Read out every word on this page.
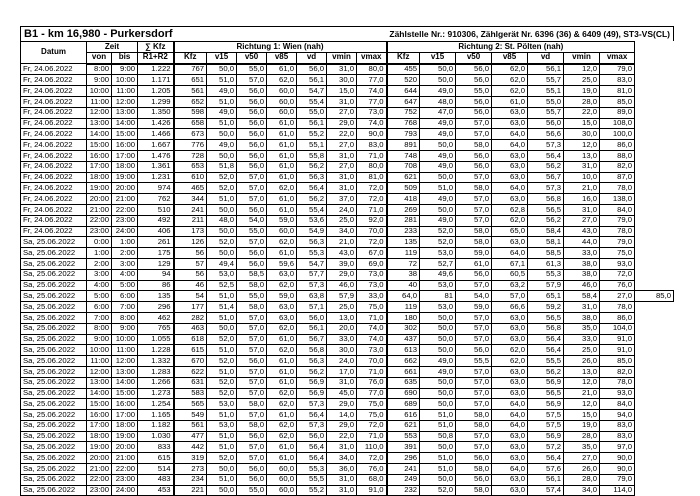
B1 - km 16,980 - Purkersdorf	Zählstelle Nr.: 910306, Zählgerät Nr. 6396 (36) & 6409 (49), ST3-VS(CL)
Datum	Zeit		∑ Kfz	Richtung 1: Wien (nah)							Richtung 2: St. Pölten (nah)							
	von	bis	R1+R2	Kfz	v15	v50	v85	vd	vmin	vmax	Kfz	v15	v50	v85	vd	vmin	vmax	
Fr, 24.06.2022	8:00	9:00	1.222	767	50,0	55,0	61,0	56,0	31,0	80,0	455	50,0	56,0	62,0	56,1	12,0	79,0	
Fr, 24.06.2022	9:00	10:00	1.171	651	51,0	57,0	62,0	56,1	30,0	77,0	520	50,0	56,0	62,0	55,7	25,0	83,0	
Fr, 24.06.2022	10:00	11:00	1.205	561	49,0	56,0	60,0	54,7	15,0	74,0	644	49,0	55,0	62,0	55,1	19,0	81,0	
Fr, 24.06.2022	11:00	12:00	1.299	652	51,0	56,0	60,0	55,4	31,0	77,0	647	48,0	56,0	61,0	55,0	28,0	85,0	
Fr, 24.06.2022	12:00	13:00	1.350	598	49,0	56,0	60,0	55,0	27,0	73,0	752	47,0	56,0	63,0	55,7	22,0	89,0	
Fr, 24.06.2022	13:00	14:00	1.426	658	51,0	56,0	61,0	56,1	29,0	74,0	768	49,0	57,0	63,0	56,0	15,0	108,0	
Fr, 24.06.2022	14:00	15:00	1.466	673	50,0	56,0	61,0	55,2	22,0	90,0	793	49,0	57,0	64,0	56,6	30,0	100,0	
Fr, 24.06.2022	15:00	16:00	1.667	776	49,0	56,0	61,0	55,1	27,0	83,0	891	50,0	58,0	64,0	57,3	12,0	86,0	
Fr, 24.06.2022	16:00	17:00	1.476	728	50,0	56,0	61,0	55,8	31,0	71,0	748	49,0	56,0	63,0	56,4	13,0	88,0	
Fr, 24.06.2022	17:00	18:00	1.361	653	51,8	56,0	61,0	56,2	27,0	80,0	708	49,0	56,0	63,0	56,2	31,0	82,0	
Fr, 24.06.2022	18:00	19:00	1.231	610	52,0	57,0	61,0	56,3	31,0	81,0	621	50,0	57,0	63,0	56,7	10,0	87,0	
Fr, 24.06.2022	19:00	20:00	974	465	52,0	57,0	62,0	56,4	31,0	72,0	509	51,0	58,0	64,0	57,3	21,0	78,0	
Fr, 24.06.2022	20:00	21:00	762	344	51,0	57,0	61,0	56,2	37,0	72,0	418	49,0	57,0	63,0	56,8	16,0	138,0	
Fr, 24.06.2022	21:00	22:00	510	241	50,0	56,0	61,0	55,4	24,0	71,0	269	50,0	57,0	62,8	56,5	31,0	84,0	
Fr, 24.06.2022	22:00	23:00	492	211	48,0	54,0	59,0	53,6	25,0	92,0	281	49,0	57,0	62,0	56,2	27,0	79,0	
Fr, 24.06.2022	23:00	24:00	406	173	50,0	55,0	60,0	54,9	34,0	70,0	233	52,0	58,0	65,0	58,4	43,0	78,0	
Sa, 25.06.2022	0:00	1:00	261	126	52,0	57,0	62,0	56,3	21,0	72,0	135	52,0	58,0	63,0	58,1	44,0	79,0	
Sa, 25.06.2022	1:00	2:00	175	56	50,0	56,0	61,0	55,3	43,0	67,0	119	53,0	59,0	64,0	58,5	33,0	75,0	
Sa, 25.06.2022	2:00	3:00	129	57	49,4	56,0	59,6	54,7	39,0	69,0	72	52,7	61,0	67,1	61,3	38,0	93,0	
Sa, 25.06.2022	3:00	4:00	94	56	53,0	58,5	63,0	57,7	29,0	73,0	38	49,6	56,0	60,5	55,3	38,0	72,0	
Sa, 25.06.2022	4:00	5:00	86	46	52,5	58,0	62,0	57,3	46,0	73,0	40	53,0	57,0	63,2	57,9	46,0	76,0	
Sa, 25.06.2022	5:00	6:00	135	54	51,0	55,0	59,0	63,8	57,9	33,0	64,0	81	54,0	57,0	65,1	58,4	27,0	85,0
Sa, 25.06.2022	6:00	7:00	296	177	51,4	58,0	63,0	57,1	25,0	75,0	119	53,0	59,0	66,6	59,2	31,0	78,0	
Sa, 25.06.2022	7:00	8:00	462	282	51,0	57,0	63,0	56,0	13,0	71,0	180	50,0	57,0	63,0	56,5	38,0	86,0	
Sa, 25.06.2022	8:00	9:00	765	463	50,0	57,0	62,0	56,1	20,0	74,0	302	50,0	57,0	63,0	56,8	35,0	104,0	
Sa, 25.06.2022	9:00	10:00	1.055	618	52,0	57,0	61,0	56,7	33,0	74,0	437	50,0	57,0	63,0	56,4	33,0	91,0	
Sa, 25.06.2022	10:00	11:00	1.228	615	51,0	57,0	62,0	56,8	30,0	73,0	613	50,0	56,0	62,0	56,4	25,0	91,0	
Sa, 25.06.2022	11:00	12:00	1.332	670	52,0	56,0	61,0	56,3	24,0	70,0	662	49,0	55,5	62,0	55,5	26,0	85,0	
Sa, 25.06.2022	12:00	13:00	1.283	622	51,0	57,0	61,0	56,2	17,0	71,0	661	49,0	57,0	63,0	56,2	13,0	82,0	
Sa, 25.06.2022	13:00	14:00	1.266	631	52,0	57,0	61,0	56,9	31,0	76,0	635	50,0	57,0	63,0	56,9	12,0	78,0	
Sa, 25.06.2022	14:00	15:00	1.273	583	52,0	57,0	62,0	56,9	45,0	77,0	690	50,0	57,0	63,0	56,5	21,0	93,0	
Sa, 25.06.2022	15:00	16:00	1.254	565	53,0	58,0	62,0	57,3	29,0	75,0	689	50,0	57,0	64,0	56,9	12,0	84,0	
Sa, 25.06.2022	16:00	17:00	1.165	549	51,0	57,0	61,0	56,4	14,0	75,0	616	51,0	58,0	64,0	57,5	15,0	94,0	
Sa, 25.06.2022	17:00	18:00	1.182	561	53,0	58,0	62,0	57,3	29,0	72,0	621	51,0	58,0	64,0	57,5	19,0	83,0	
Sa, 25.06.2022	18:00	19:00	1.030	477	51,0	56,0	62,0	56,0	22,0	71,0	553	50,8	57,0	63,0	56,9	28,0	83,0	
Sa, 25.06.2022	19:00	20:00	833	442	51,0	57,0	61,0	56,4	31,0	110,0	391	50,0	57,0	63,0	57,2	35,0	97,0	
Sa, 25.06.2022	20:00	21:00	615	319	52,0	57,0	61,0	56,4	34,0	72,0	296	51,0	56,0	63,0	56,4	27,0	90,0	
Sa, 25.06.2022	21:00	22:00	514	273	50,0	56,0	60,0	55,3	36,0	76,0	241	51,0	58,0	64,0	57,6	26,0	90,0	
Sa, 25.06.2022	22:00	23:00	483	234	51,0	56,0	60,0	55,5	31,0	68,0	249	50,0	56,0	63,0	56,1	28,0	79,0	
Sa, 25.06.2022	23:00	24:00	453	221	50,0	55,0	60,0	55,2	31,0	91,0	232	52,0	58,0	63,0	57,4	34,0	114,0	
